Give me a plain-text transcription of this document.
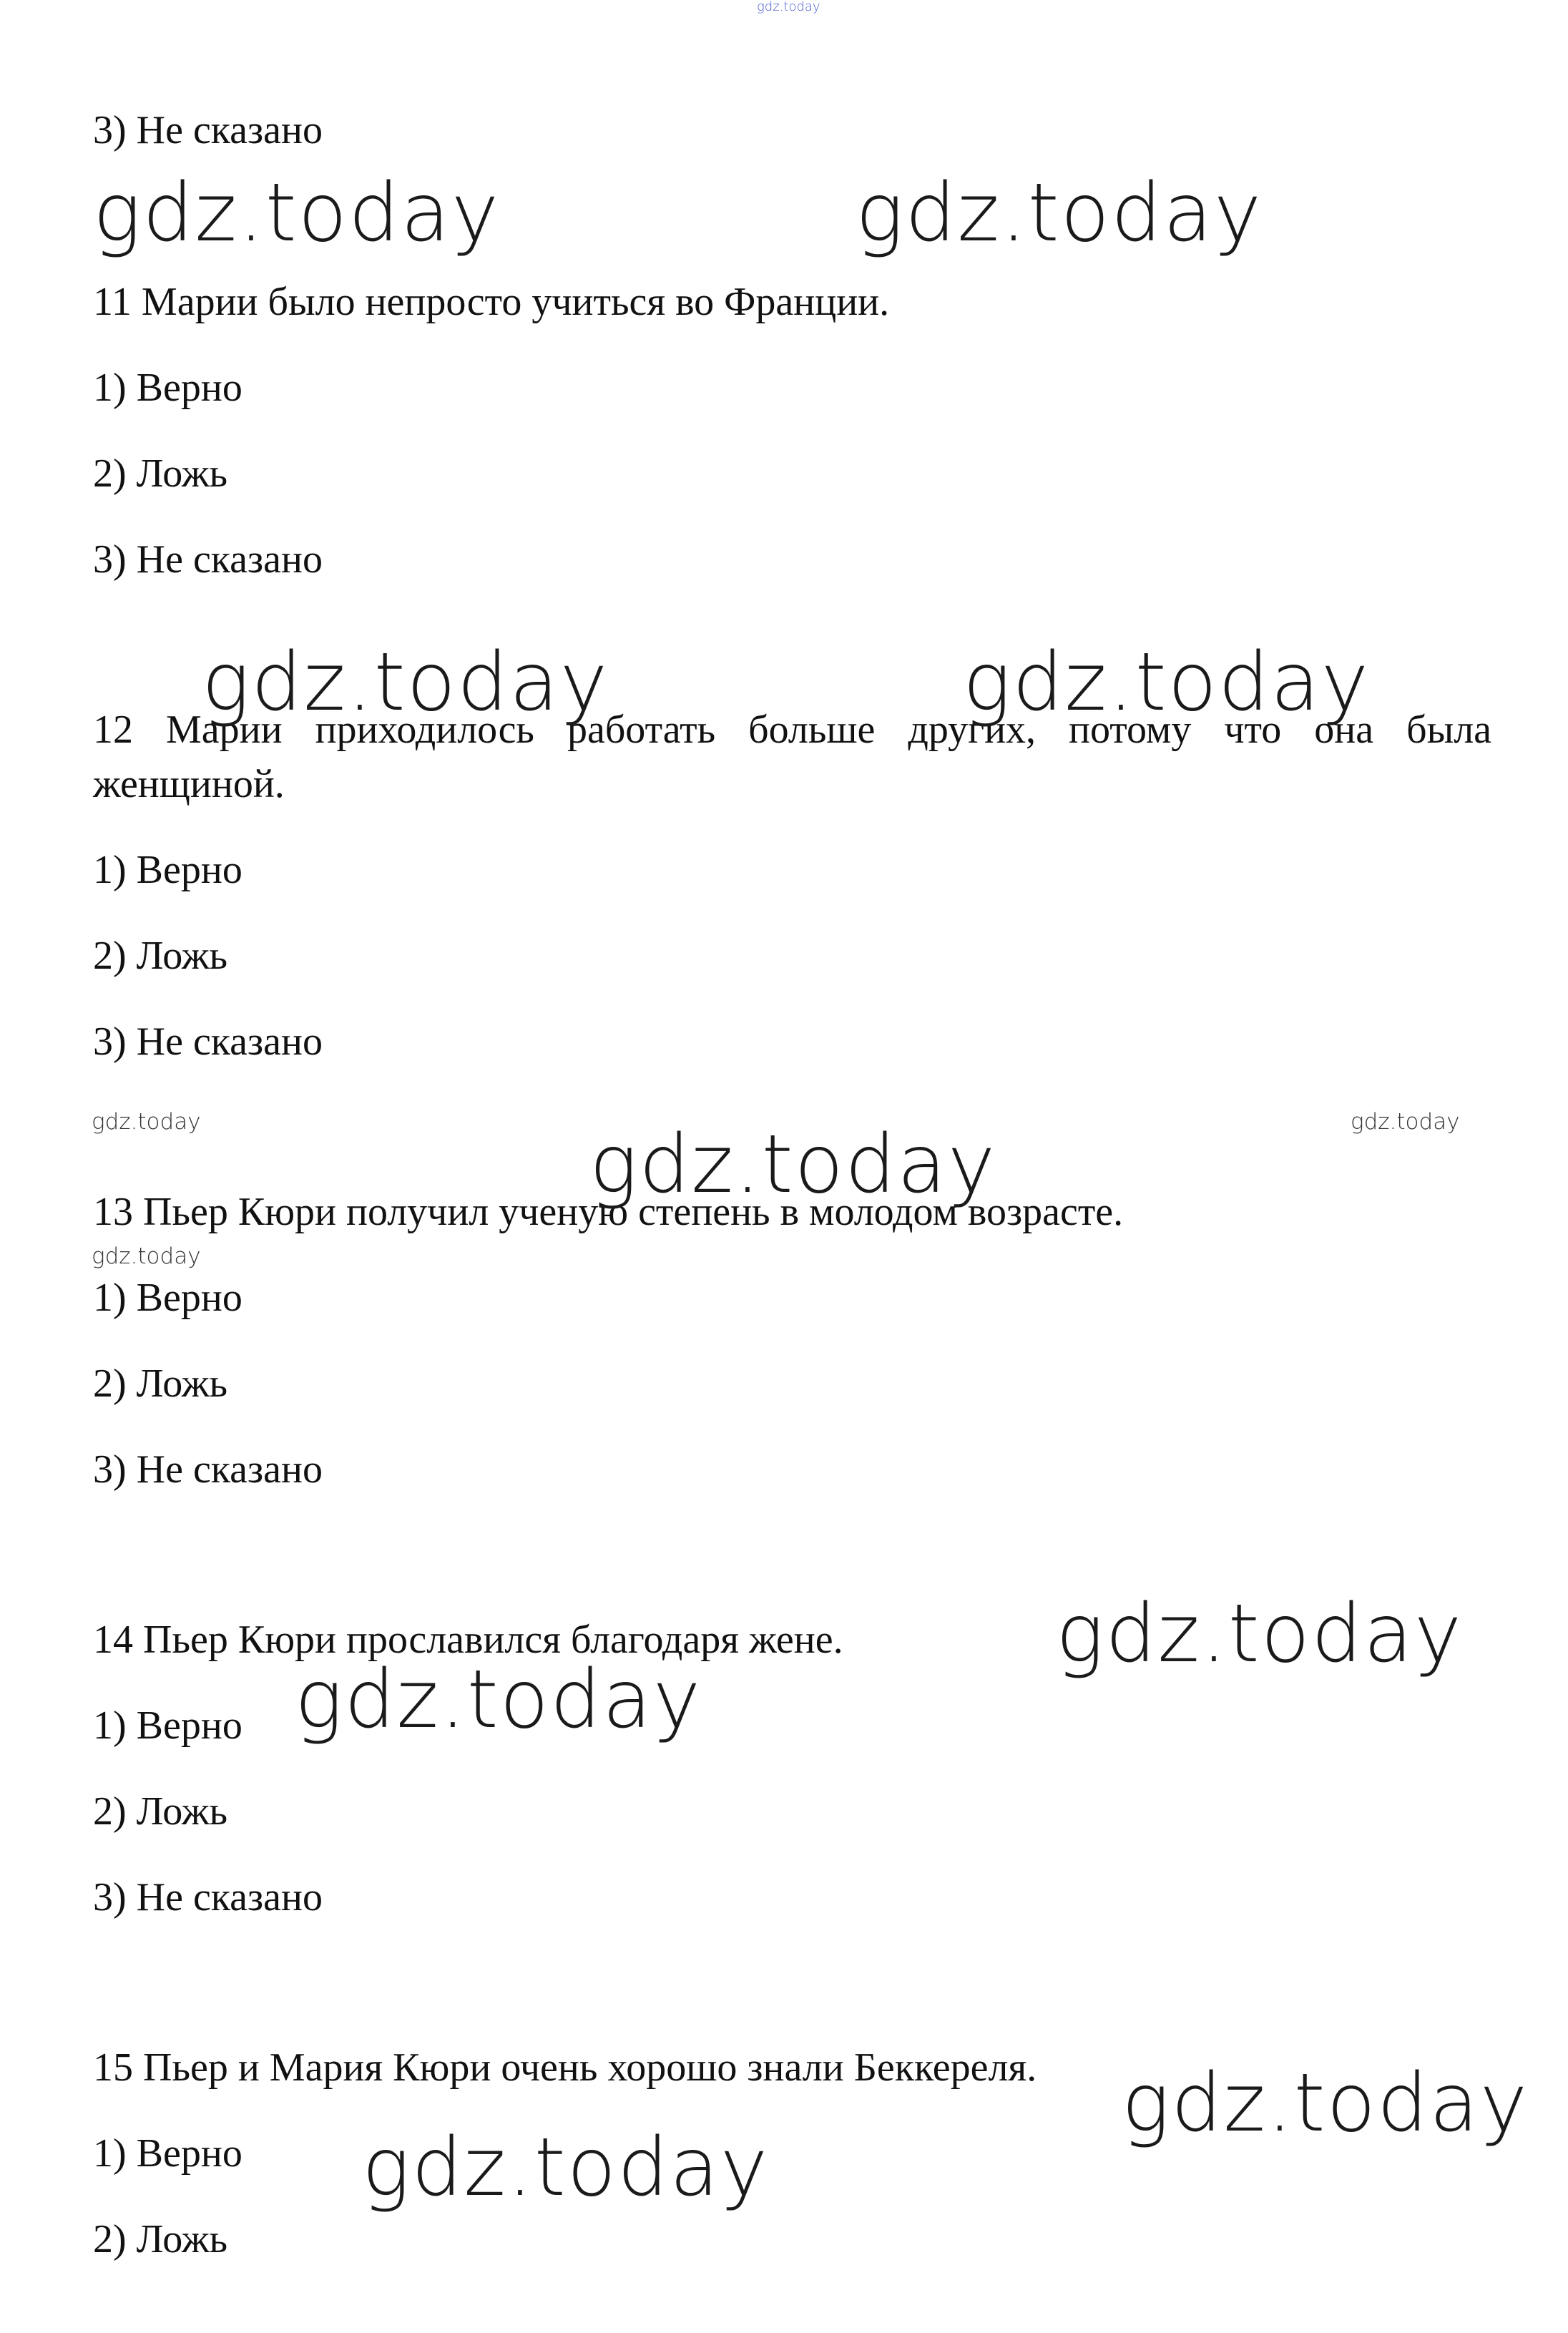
3) Не сказано

11 Марии было непросто учиться во Франции.

1) Верно

2) Ложь

3) Не сказано

12 Марии приходилось работать больше других, потому что она была
женщиной.

1) Верно

2) Ложь

3) Не сказано

13 Пьер Кюри получил ученую степень в молодом возрасте.

1) Верно

2) Ложь

3) Не сказано

14 Пьер Кюри прославился благодаря жене.

1) Верно

2) Ложь

3) Не сказано

15 Пьер и Мария Кюри очень хорошо знали Беккереля.

1) Верно

2) Ложь

gdz.today
gdz.today	gdz.today
gdz.today	gdz.today
gdz.today	gdz.today
gdz.today
gdz.today
gdz.today
gdz.today
gdz.today
gdz.today
